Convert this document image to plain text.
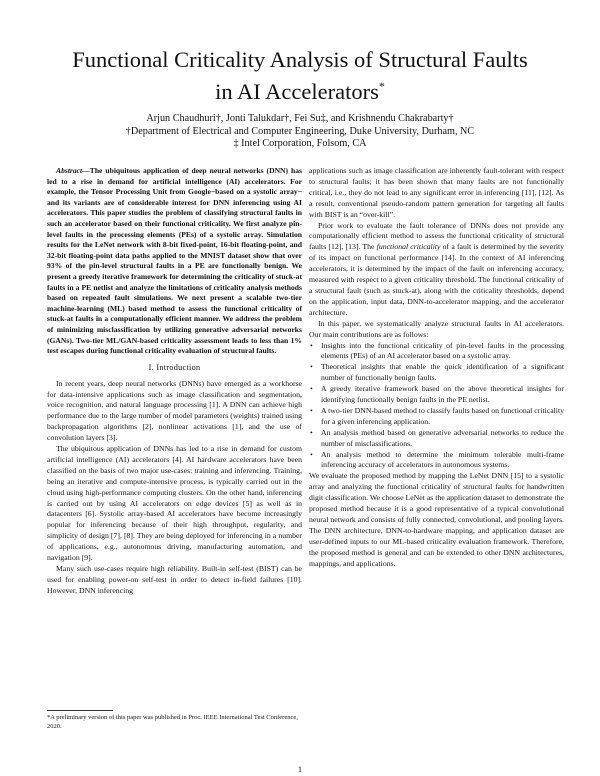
Functional Criticality Analysis of Structural Faults
in AI Accelerators*
Arjun Chaudhuri†, Jonti Talukdar†, Fei Su‡, and Krishnendu Chakrabarty†
†Department of Electrical and Computer Engineering, Duke University, Durham, NC
‡ Intel Corporation, Folsom, CA

Abstract—The ubiquitous application of deep neural networks (DNN) has led to a rise in demand for artificial intelligence (AI) accelerators. For example, the Tensor Processing Unit from Google−based on a systolic array− and its variants are of considerable interest for DNN inferencing using AI accelerators. This paper studies the problem of classifying structural faults in such an accelerator based on their functional criticality. We first analyze pin-level faults in the processing elements (PEs) of a systolic array. Simulation results for the LeNet network with 8-bit fixed-point, 16-bit floating-point, and 32-bit floating-point data paths applied to the MNIST dataset show that over 93% of the pin-level structural faults in a PE are functionally benign. We present a greedy iterative framework for determining the criticality of stuck-at faults in a PE netlist and analyze the limitations of criticality analysis methods based on repeated fault simulations. We next present a scalable two-tier machine-learning (ML) based method to assess the functional criticality of stuck-at faults in a computationally efficient manner. We address the problem of minimizing misclassification by utilizing generative adversarial networks (GANs). Two-tier ML/GAN-based criticality assessment leads to less than 1% test escapes during functional criticality evaluation of structural faults.

I. Introduction

In recent years, deep neural networks (DNNs) have emerged as a workhorse for data-intensive applications such as image classification and segmentation, voice recognition, and natural language processing [1]. A DNN can achieve high performance due to the large number of model parameters (weights) trained using backpropagation algorithms [2], nonlinear activations [1], and the use of convolution layers [3].

The ubiquitous application of DNNs has led to a rise in demand for custom artificial intelligence (AI) accelerators [4]. AI hardware accelerators have been classified on the basis of two major use-cases: training and inferencing. Training, being an iterative and compute-intensive process, is typically carried out in the cloud using high-performance computing clusters. On the other hand, inferencing is carried out by using AI accelerators on edge devices [5] as well as in datacenters [6]. Systolic array-based AI accelerators have become increasingly popular for inferencing because of their high throughput, regularity, and simplicity of design [7], [8]. They are being deployed for inferencing in a number of applications, e.g., autonomous driving, manufacturing automation, and navigation [9].

Many such use-cases require high reliability. Built-in self-test (BIST) can be used for enabling power-on self-test in order to detect in-field failures [10]. However, DNN inferencing

applications such as image classification are inherently fault-tolerant with respect to structural faults; it has been shown that many faults are not functionally critical, i.e., they do not lead to any significant error in inferencing [11], [12]. As a result, conventional pseudo-random pattern generation for targeting all faults with BIST is an “over-kill”.

Prior work to evaluate the fault tolerance of DNNs does not provide any computationally efficient method to assess the functional criticality of structural faults [12], [13]. The functional criticality of a fault is determined by the severity of its impact on functional performance [14]. In the context of AI inferencing accelerators, it is determined by the impact of the fault on inferencing accuracy, measured with respect to a given criticality threshold. The functional criticality of a structural fault (such as stuck-at), along with the criticality thresholds, depend on the application, input data, DNN-to-accelerator mapping, and the accelerator architecture.

In this paper, we systematically analyze structural faults in AI accelerators. Our main contributions are as follows:

• Insights into the functional criticality of pin-level faults in the processing elements (PEs) of an AI accelerator based on a systolic array.
• Theoretical insights that enable the quick identification of a significant number of functionally benign faults.
• A greedy iterative framework based on the above theoretical insights for identifying functionally benign faults in the PE netlist.
• A two-tier DNN-based method to classify faults based on functional criticality for a given inferencing application.
• An analysis method based on generative adversarial networks to reduce the number of misclassifications.
• An analysis method to determine the minimum tolerable multi-frame inferencing accuracy of accelerators in autonomous systems.

We evaluate the proposed method by mapping the LeNet DNN [15] to a systolic array and analyzing the functional criticality of structural faults for handwritten digit classification. We choose LeNet as the application dataset to demonstrate the proposed method because it is a good representative of a typical convolutional neural network and consists of fully connected, convolutional, and pooling layers. The DNN architecture, DNN-to-hardware mapping, and application dataset are user-defined inputs to our ML-based criticality evaluation framework. Therefore, the proposed method is general and can be extended to other DNN architectures, mappings, and applications.

*A preliminary version of this paper was published in Proc. IEEE International Test Conference, 2020.
1
